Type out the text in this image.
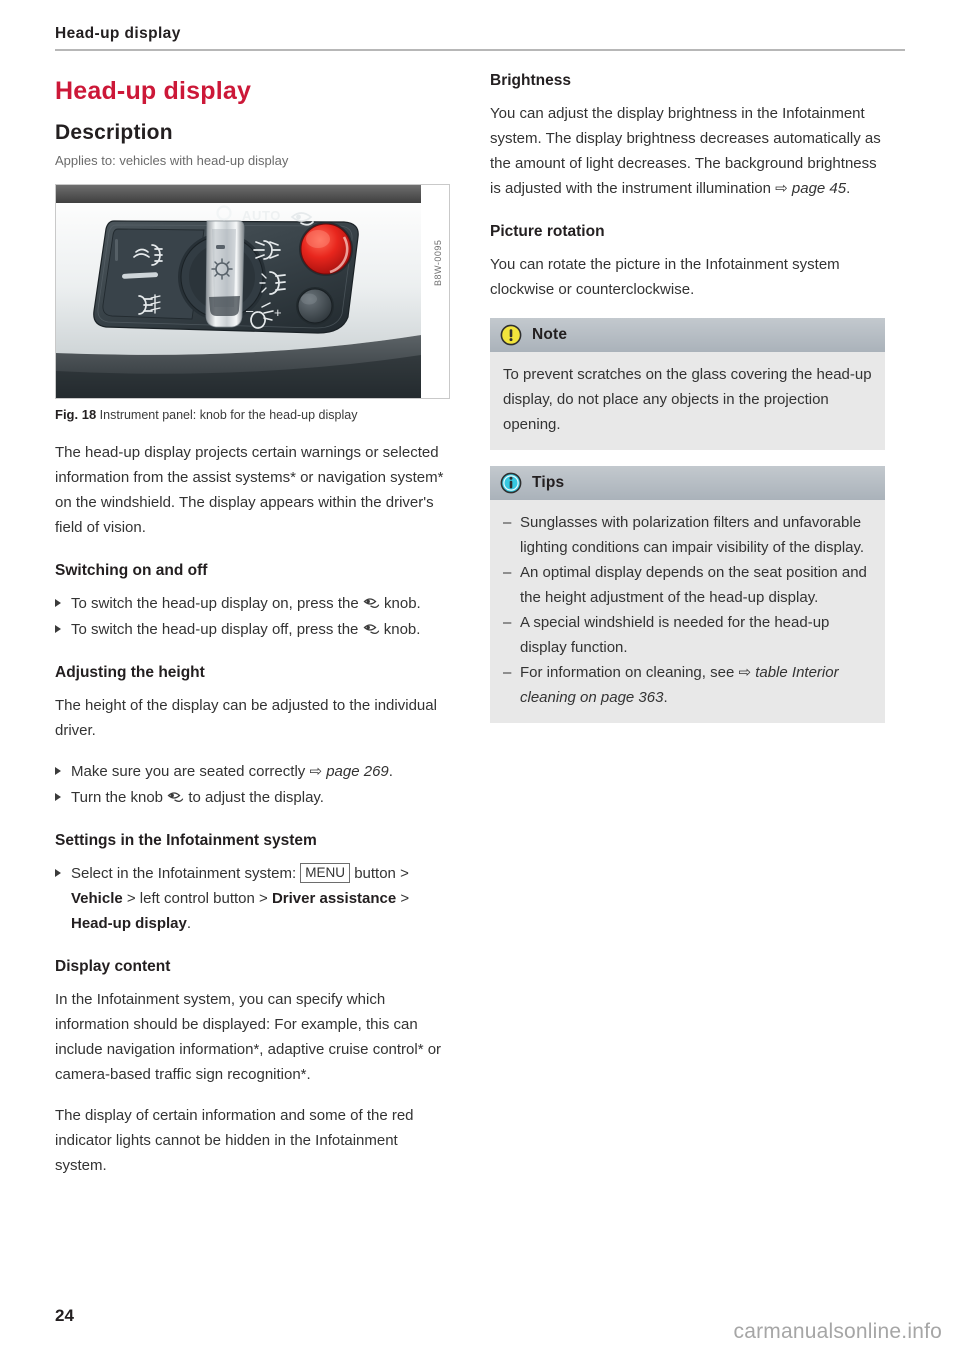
Head-up display
Head-up display
Description
Applies to: vehicles with head-up display
AUTO
– +
B8W-0095
Fig. 18 Instrument panel: knob for the head-up display

The head-up display projects certain warnings or selected information from the assist systems* or navigation system* on the windshield. The display appears within the driver's field of vision.

Switching on and off
To switch the head-up display on, press the
knob.
To switch the head-up display off, press the
knob.
Adjusting the height

The height of the display can be adjusted to the individual driver.

Make sure you are seated correctly ⇨ page 269.
Turn the knob
to adjust the display.
Settings in the Infotainment system
Select in the Infotainment system: MENU button > Vehicle > left control button > Driver assistance > Head-up display.
Display content

In the Infotainment system, you can specify which information should be displayed: For example, this can include navigation information*, adaptive cruise control* or camera-based traffic sign recognition*.

The display of certain information and some of the red indicator lights cannot be hidden in the Infotainment system.

Brightness

You can adjust the display brightness in the Infotainment system. The display brightness decreases automatically as the amount of light decreases. The background brightness is adjusted with the instrument illumination ⇨ page 45.

Picture rotation

You can rotate the picture in the Infotainment system clockwise or counterclockwise.

Note

To prevent scratches on the glass covering the head-up display, do not place any objects in the projection opening.

Tips
– Sunglasses with polarization filters and unfavorable lighting conditions can impair visibility of the display.
– An optimal display depends on the seat position and the height adjustment of the head-up display.
– A special windshield is needed for the head-up display function.
– For information on cleaning, see ⇨ table Interior cleaning on page 363.
24
carmanualsonline.info
